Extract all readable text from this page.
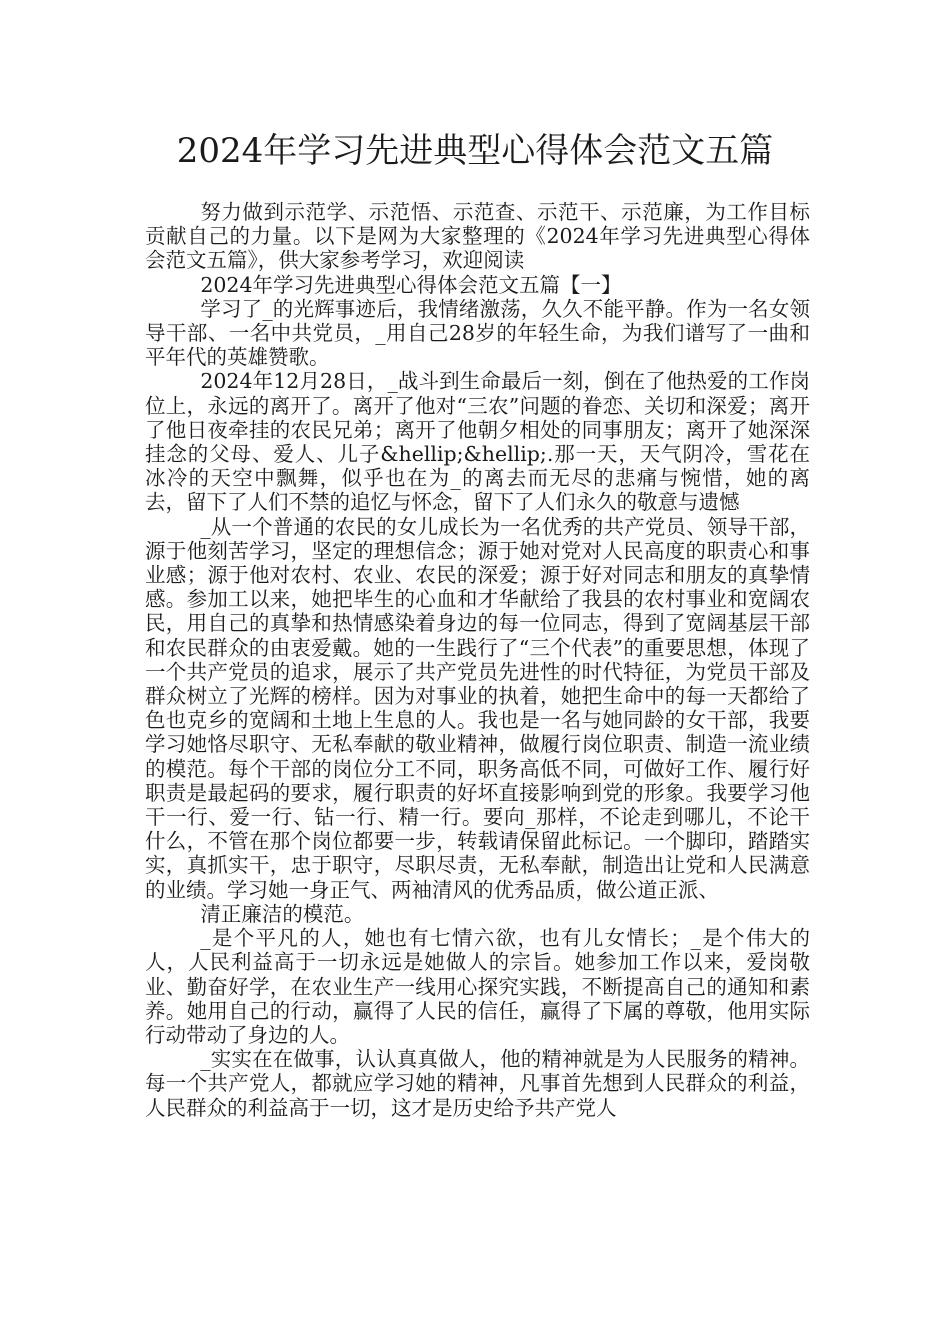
2024年学习先进典型心得体会范文五篇

努力做到示范学、示范悟、示范查、示范干、示范廉，为工作目标贡献自己的力量。以下是网为大家整理的《2024年学习先进典型心得体会范文五篇》，供大家参考学习，欢迎阅读

2024年学习先进典型心得体会范文五篇【一】

学习了_的光辉事迹后，我情绪激荡，久久不能平静。作为一名女领导干部、一名中共党员，_用自己28岁的年轻生命，为我们谱写了一曲和平年代的英雄赞歌。

2024年12月28日，_战斗到生命最后一刻，倒在了他热爱的工作岗位上，永远的离开了。离开了他对“三农”问题的眷恋、关切和深爱；离开了他日夜牵挂的农民兄弟；离开了他朝夕相处的同事朋友；离开了她深深挂念的父母、爱人、儿子&hellip;&hellip;.那一天，天气阴冷，雪花在冰冷的天空中飘舞，似乎也在为_的离去而无尽的悲痛与惋惜，她的离去，留下了人们不禁的追忆与怀念，留下了人们永久的敬意与遗憾

_从一个普通的农民的女儿成长为一名优秀的共产党员、领导干部，源于他刻苦学习，坚定的理想信念；源于她对党对人民高度的职责心和事业感；源于他对农村、农业、农民的深爱；源于好对同志和朋友的真挚情感。参加工以来，她把毕生的心血和才华献给了我县的农村事业和宽阔农民，用自己的真挚和热情感染着身边的每一位同志，得到了宽阔基层干部和农民群众的由衷爱戴。她的一生践行了“三个代表”的重要思想，体现了一个共产党员的追求，展示了共产党员先进性的时代特征，为党员干部及群众树立了光辉的榜样。因为对事业的执着，她把生命中的每一天都给了色也克乡的宽阔和土地上生息的人。我也是一名与她同龄的女干部，我要学习她恪尽职守、无私奉献的敬业精神，做履行岗位职责、制造一流业绩的模范。每个干部的岗位分工不同，职务高低不同，可做好工作、履行好职责是最起码的要求，履行职责的好坏直接影响到党的形象。我要学习他干一行、爱一行、钻一行、精一行。要向_那样，不论走到哪儿，不论干什么，不管在那个岗位都要一步，转载请保留此标记。一个脚印，踏踏实实，真抓实干，忠于职守，尽职尽责，无私奉献，制造出让党和人民满意的业绩。学习她一身正气、两袖清风的优秀品质，做公道正派、

清正廉洁的模范。

_是个平凡的人，她也有七情六欲，也有儿女情长；_是个伟大的人，人民利益高于一切永远是她做人的宗旨。她参加工作以来，爱岗敬业、勤奋好学，在农业生产一线用心探究实践，不断提高自己的通知和素养。她用自己的行动，赢得了人民的信任，赢得了下属的尊敬，他用实际行动带动了身边的人。

_实实在在做事，认认真真做人，他的精神就是为人民服务的精神。每一个共产党人，都就应学习她的精神，凡事首先想到人民群众的利益，人民群众的利益高于一切，这才是历史给予共产党人
